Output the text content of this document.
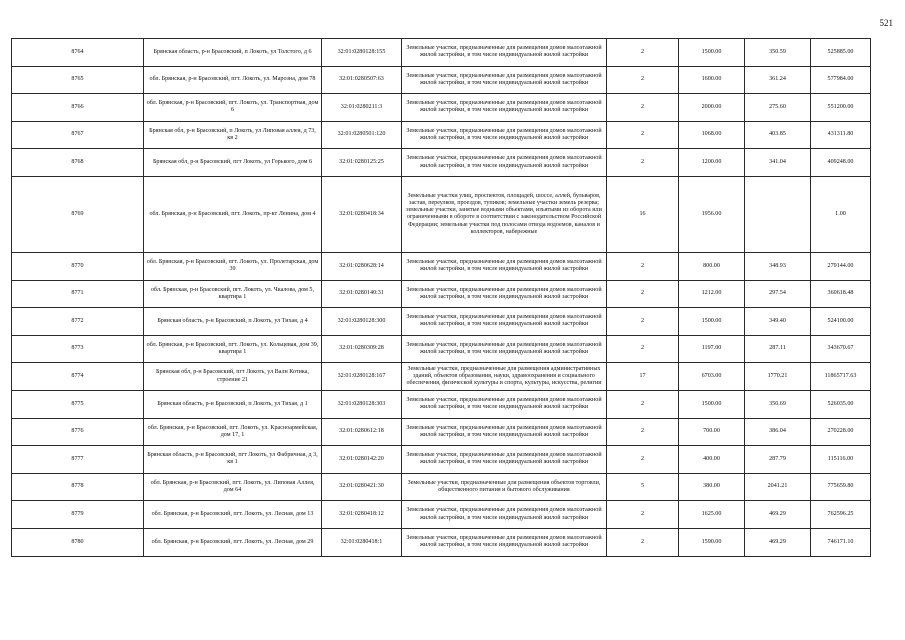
521
8764	Брянская область, р-н Брасовский, п Локоть, ул Толстого, д 6	32:01:0280128:155	Земельные участки, предназначенные для размещения домов малоэтажной жилой застройки, в том числе индивидуальной жилой застройки	2	1500.00	350.59	525885.00
8765	обл. Брянская, р-н Брасовский, пгт. Локоть, ул. Марозна, дом 78	32:01:0280507:63	Земельные участки, предназначенные для размещения домов малоэтажной жилой застройки, в том числе индивидуальной жилой застройки	2	1600.00	361.24	577984.00
8766	обл. Брянская, р-н Брасовский, пгт. Локоть, ул. Транспортная, дом 6	32:01:0280211:3	Земельные участки, предназначенные для размещения домов малоэтажной жилой застройки, в том числе индивидуальной жилой застройки	2	2000.00	275.60	551200.00
8767	Брянская обл, р-н Брасовский, п Локоть, ул Липовая аллея, д 73, кв 2	32:01:0280501:120	Земельные участки, предназначенные для размещения домов малоэтажной жилой застройки, в том числе индивидуальной жилой застройки	2	1068.00	403.85	431311.80
8768	Брянская обл, р-н Брасовский, пгт Локоть, ул Горького, дом 6	32:01:0280125:25	Земельные участки, предназначенные для размещения домов малоэтажной жилой застройки, в том числе индивидуальной жилой застройки	2	1200.00	341.04	409248.00
8769	обл. Брянская, р-н Брасовский, пгт. Локоть, пр-кт Ленина, дом 4	32:01:0280418:34	Земельные участки улиц, проспектов, площадей, шоссе, аллей, бульваров, застав, переулков, проездов, тупиков; земельные участки земель резерва; земельные участки, занятые водными объектами, изъятыми из оборота или ограниченными в обороте в соответствии с законодательством Российской Федерации; земельные участки под полосами отвода водоемов, каналов и коллекторов, набережные	16	1956.00		1.00
8770	обл. Брянская, р-н Брасовский, пгт. Локоть, ул. Пролетарская, дом 39	32:01:0280628:14	Земельные участки, предназначенные для размещения домов малоэтажной жилой застройки, в том числе индивидуальной жилой застройки	2	800.00	348.93	279144.00
8771	обл. Брянская, р-н Брасовский, пгт. Локоть, ул. Чкалова, дом 5, квартира 1	32:01:0280140:31	Земельные участки, предназначенные для размещения домов малоэтажной жилой застройки, в том числе индивидуальной жилой застройки	2	1212.00	297.54	360618.48
8772	Брянская область, р-н Брасовский, п Локоть, ул Тихая, д 4	32:01:0280128:300	Земельные участки, предназначенные для размещения домов малоэтажной жилой застройки, в том числе индивидуальной жилой застройки	2	1500.00	349.40	524100.00
8773	обл. Брянская, р-н Брасовский, пгт. Локоть, ул. Кольцевая, дом 39, квартира 1	32:01:0280309:28	Земельные участки, предназначенные для размещения домов малоэтажной жилой застройки, в том числе индивидуальной жилой застройки	2	1197.00	287.11	343670.67
8774	Брянская обл, р-н Брасовский, пгт Локоть, ул Валн Котика, строение 21	32:01:0280128:167	Земельные участки, предназначенные для размещения административных зданий, объектов образования, науки, здравоохранения и социального обеспечения, физической культуры и спорта, культуры, искусства, религии	17	6703.00	1770.21	11865717.63
8775	Брянская область, р-н Брасовский, п Локоть, ул Тихая, д 1	32:01:0280128:303	Земельные участки, предназначенные для размещения домов малоэтажной жилой застройки, в том числе индивидуальной жилой застройки	2	1500.00	350.69	526035.00
8776	обл. Брянская, р-н Брасовский, пгт. Локоть, ул. Красноармейская, дом 17, 1	32:01:0280612:18	Земельные участки, предназначенные для размещения домов малоэтажной жилой застройки, в том числе индивидуальной жилой застройки	2	700.00	386.04	270228.00
8777	Брянская область, р-н Брасовский, пгт Локоть, ул Фабричная, д 3, кв 1	32:01:0280142:20	Земельные участки, предназначенные для размещения домов малоэтажной жилой застройки, в том числе индивидуальной жилой застройки	2	400.00	287.79	115116.00
8778	обл. Брянская, р-н Брасовский, пгт. Локоть, ул. Липовая Аллея, дом 64	32:01:0280421:30	Земельные участки, предназначенные для размещения объектов торговли, общественного питания и бытового обслуживания	5	380.00	2041.21	775659.80
8779	обл. Брянская, р-н Брасовский, пгт. Локоть, ул. Лесная, дом 13	32:01:0280418:12	Земельные участки, предназначенные для размещения домов малоэтажной жилой застройки, в том числе индивидуальной жилой застройки	2	1625.00	469.29	762596.25
8780	обл. Брянская, р-н Брасовский, пгт. Локоть, ул. Лесная, дом 29	32:01:0280418:1	Земельные участки, предназначенные для размещения домов малоэтажной жилой застройки, в том числе индивидуальной жилой застройки	2	1590.00	469.29	746171.10
